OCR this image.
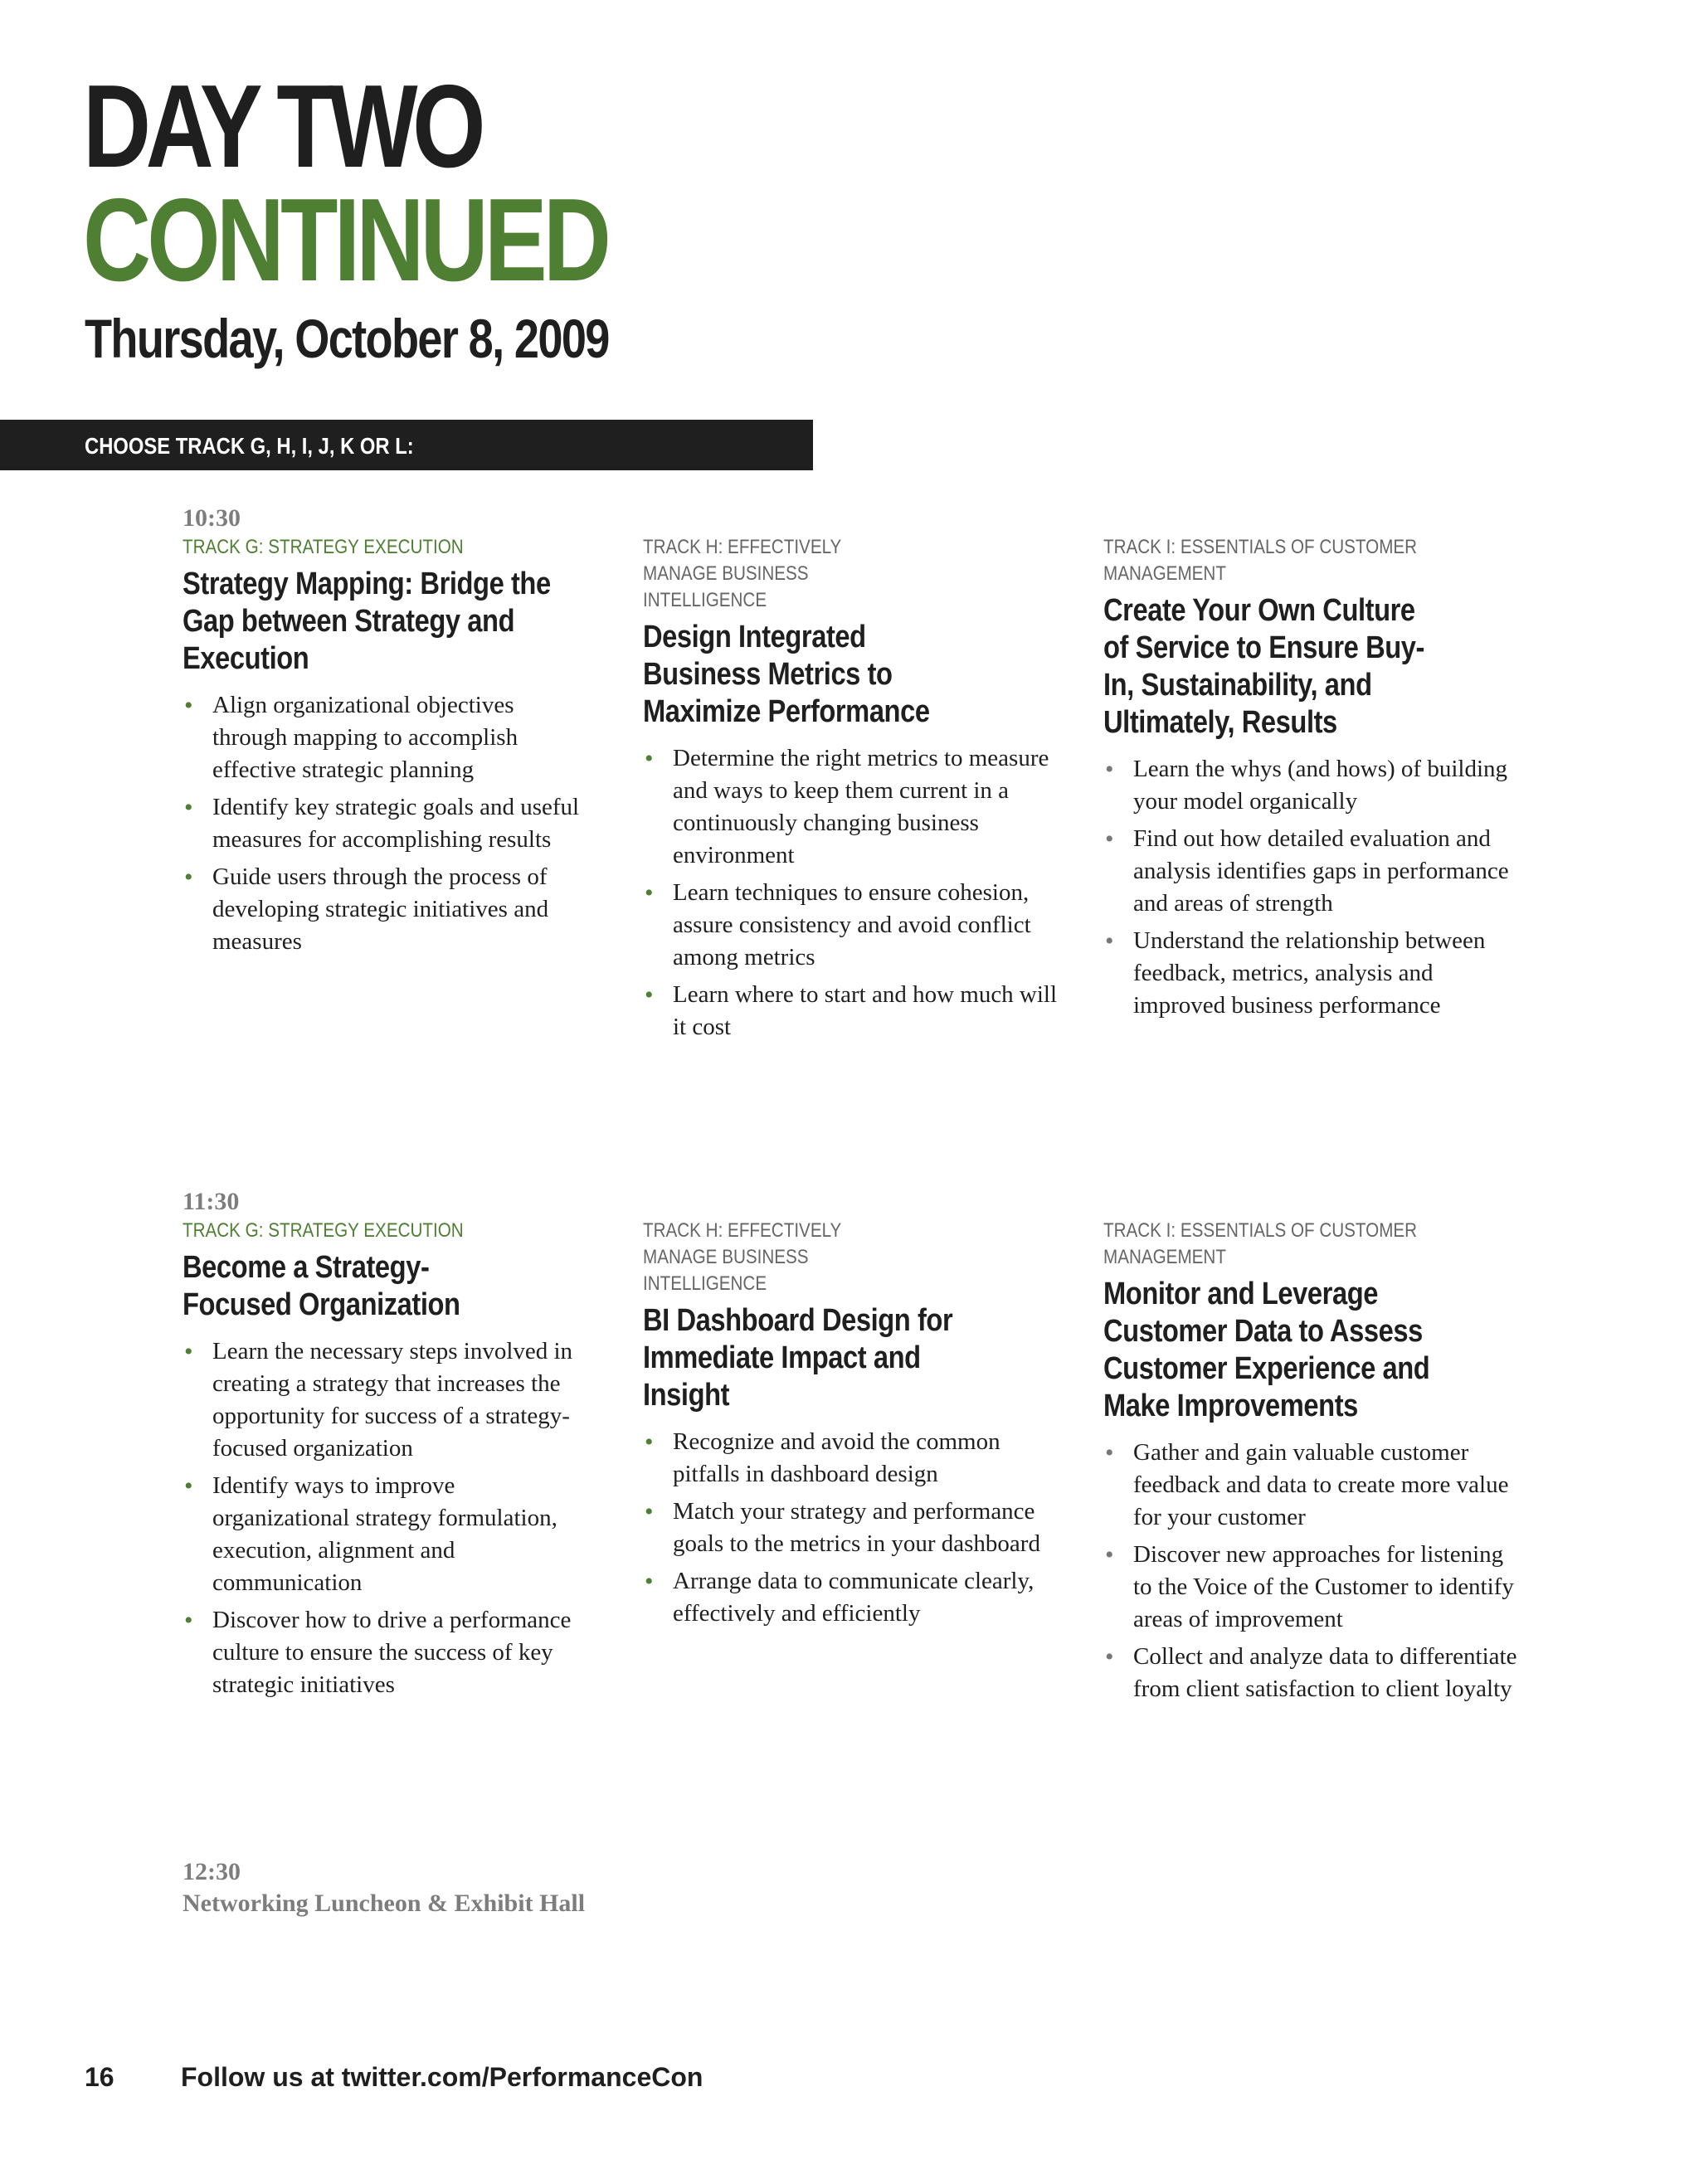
DAY TWO
CONTINUED
Thursday, October 8, 2009
CHOOSE TRACK G, H, I, J, K OR L:
10:30
TRACK G: STRATEGY EXECUTION
Strategy Mapping: Bridge the Gap between Strategy and Execution
• Align organizational objectives through mapping to accomplish effective strategic planning
• Identify key strategic goals and useful measures for accomplishing results
• Guide users through the process of developing strategic initiatives and measures
TRACK H: EFFECTIVELY MANAGE BUSINESS INTELLIGENCE
Design Integrated Business Metrics to Maximize Performance
• Determine the right metrics to measure and ways to keep them current in a continuously changing business environment
• Learn techniques to ensure cohesion, assure consistency and avoid conflict among metrics
• Learn where to start and how much will it cost
TRACK I: ESSENTIALS OF CUSTOMER MANAGEMENT
Create Your Own Culture of Service to Ensure Buy-In, Sustainability, and Ultimately, Results
• Learn the whys (and hows) of building your model organically
• Find out how detailed evaluation and analysis identifies gaps in performance and areas of strength
• Understand the relationship between feedback, metrics, analysis and improved business performance
11:30
TRACK G: STRATEGY EXECUTION
Become a Strategy-Focused Organization
• Learn the necessary steps involved in creating a strategy that increases the opportunity for success of a strategy-focused organization
• Identify ways to improve organizational strategy formulation, execution, alignment and communication
• Discover how to drive a performance culture to ensure the success of key strategic initiatives
TRACK H: EFFECTIVELY MANAGE BUSINESS INTELLIGENCE
BI Dashboard Design for Immediate Impact and Insight
• Recognize and avoid the common pitfalls in dashboard design
• Match your strategy and performance goals to the metrics in your dashboard
• Arrange data to communicate clearly, effectively and efficiently
TRACK I: ESSENTIALS OF CUSTOMER MANAGEMENT
Monitor and Leverage Customer Data to Assess Customer Experience and Make Improvements
• Gather and gain valuable customer feedback and data to create more value for your customer
• Discover new approaches for listening to the Voice of the Customer to identify areas of improvement
• Collect and analyze data to differentiate from client satisfaction to client loyalty
12:30
Networking Luncheon & Exhibit Hall
16	Follow us at twitter.com/PerformanceCon
